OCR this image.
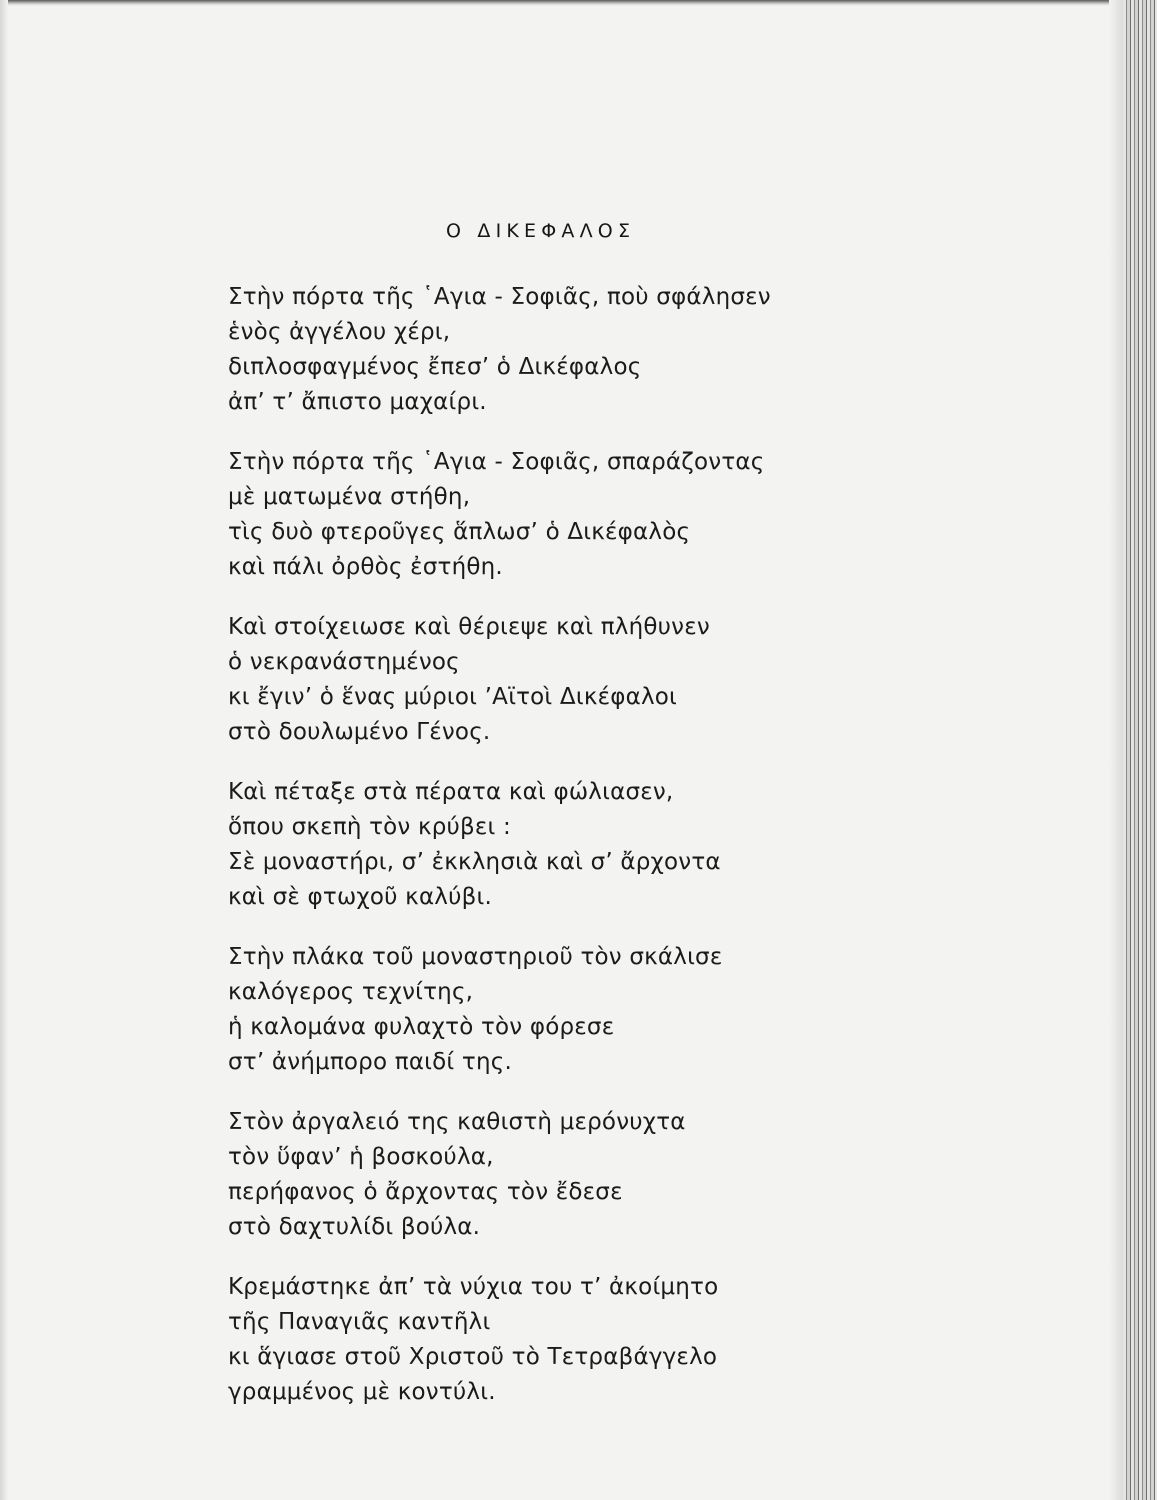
Ο ΔΙΚΕΦΑΛΟΣ
Στὴν πόρτα τῆς ῾Αγια - Σοφιᾶς, ποὺ σφάλησεν
ἑνὸς ἀγγέλου χέρι,
διπλοσφαγμένος ἔπεσ’ ὁ Δικέφαλος
ἀπ’ τ’ ἄπιστο μαχαίρι.
Στὴν πόρτα τῆς ῾Αγια - Σοφιᾶς, σπαράζοντας
μὲ ματωμένα στήθη,
τὶς δυὸ φτεροῦγες ἅπλωσ’ ὁ Δικέφαλὸς
καὶ πάλι ὀρθὸς ἐστήθη.
Καὶ στοίχειωσε καὶ θέριεψε καὶ πλήθυνεν
ὁ νεκρανάστημένος
κι ἔγιν’ ὁ ἕνας μύριοι ’Αϊτοὶ Δικέφαλοι
στὸ δουλωμένο Γένος.
Καὶ πέταξε στὰ πέρατα καὶ φώλιασεν,
ὅπου σκεπὴ τὸν κρύβει :
Σὲ μοναστήρι, σ’ ἐκκλησιὰ καὶ σ’ ἄρχοντα
καὶ σὲ φτωχοῦ καλύβι.
Στὴν πλάκα τοῦ μοναστηριοῦ τὸν σκάλισε
καλόγερος τεχνίτης,
ἡ καλομάνα φυλαχτὸ τὸν φόρεσε
στ’ ἀνήμπορο παιδί της.
Στὸν ἀργαλειό της καθιστὴ μερόνυχτα
τὸν ὕφαν’ ἡ βοσκούλα,
περήφανος ὁ ἄρχοντας τὸν ἔδεσε
στὸ δαχτυλίδι βούλα.
Κρεμάστηκε ἀπ’ τὰ νύχια του τ’ ἀκοίμητο
τῆς Παναγιᾶς καντῆλι
κι ἅγιασε στοῦ Χριστοῦ τὸ Τετραβάγγελο
γραμμένος μὲ κοντύλι.
